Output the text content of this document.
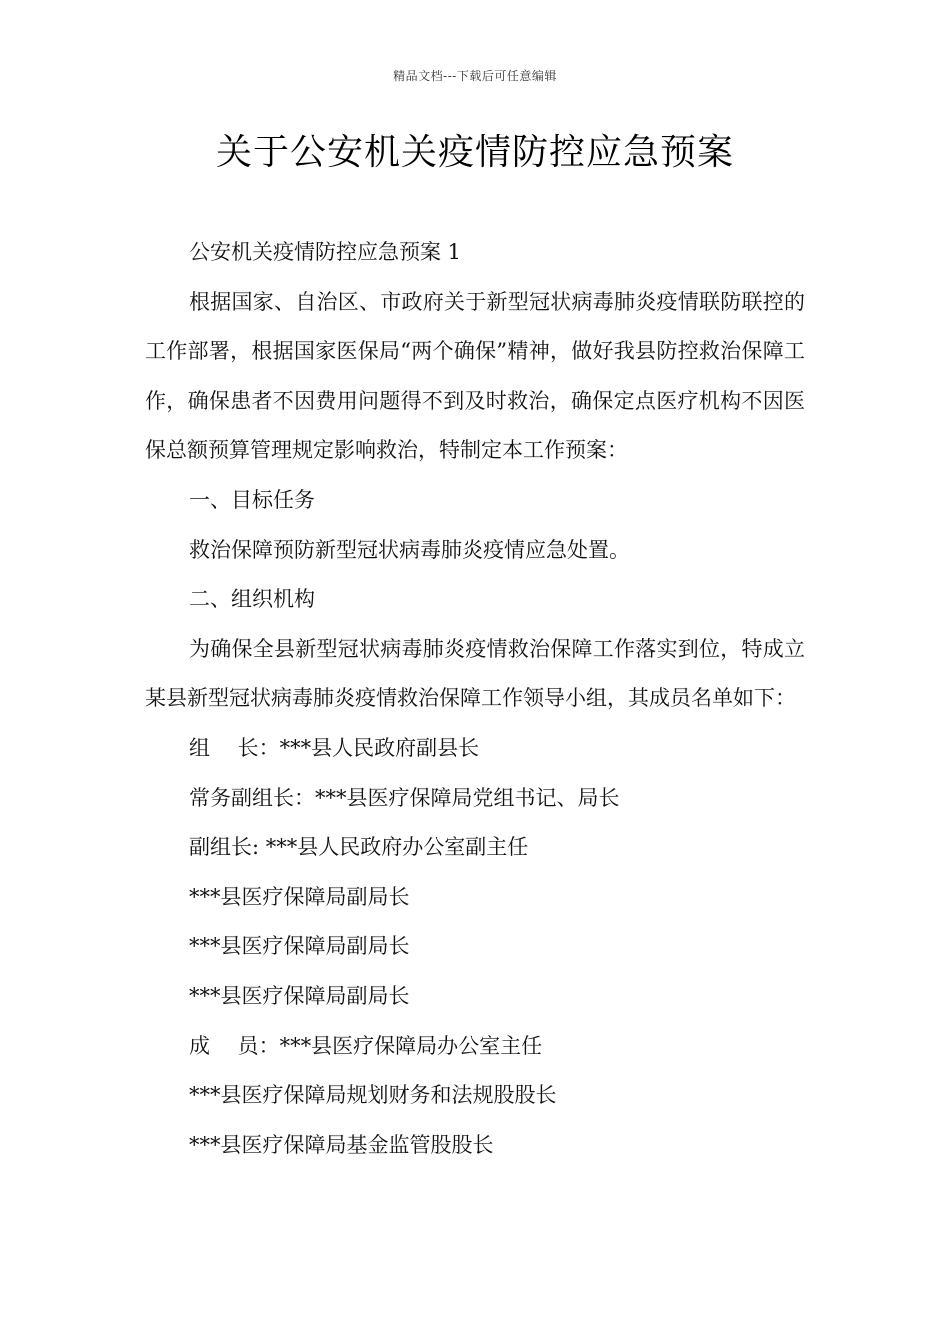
精品文档---下载后可任意编辑
关于公安机关疫情防控应急预案

公安机关疫情防控应急预案 1

根据国家、自治区、市政府关于新型冠状病毒肺炎疫情联防联控的工作部署，根据国家医保局“两个确保”精神，做好我县防控救治保障工作，确保患者不因费用问题得不到及时救治，确保定点医疗机构不因医保总额预算管理规定影响救治，特制定本工作预案：

一、目标任务

救治保障预防新型冠状病毒肺炎疫情应急处置。

二、组织机构

为确保全县新型冠状病毒肺炎疫情救治保障工作落实到位，特成立某县新型冠状病毒肺炎疫情救治保障工作领导小组，其成员名单如下：

组　 长：***县人民政府副县长

常务副组长：***县医疗保障局党组书记、局长

副组长: ***县人民政府办公室副主任

***县医疗保障局副局长

***县医疗保障局副局长

***县医疗保障局副局长

成　 员：***县医疗保障局办公室主任

***县医疗保障局规划财务和法规股股长

***县医疗保障局基金监管股股长
